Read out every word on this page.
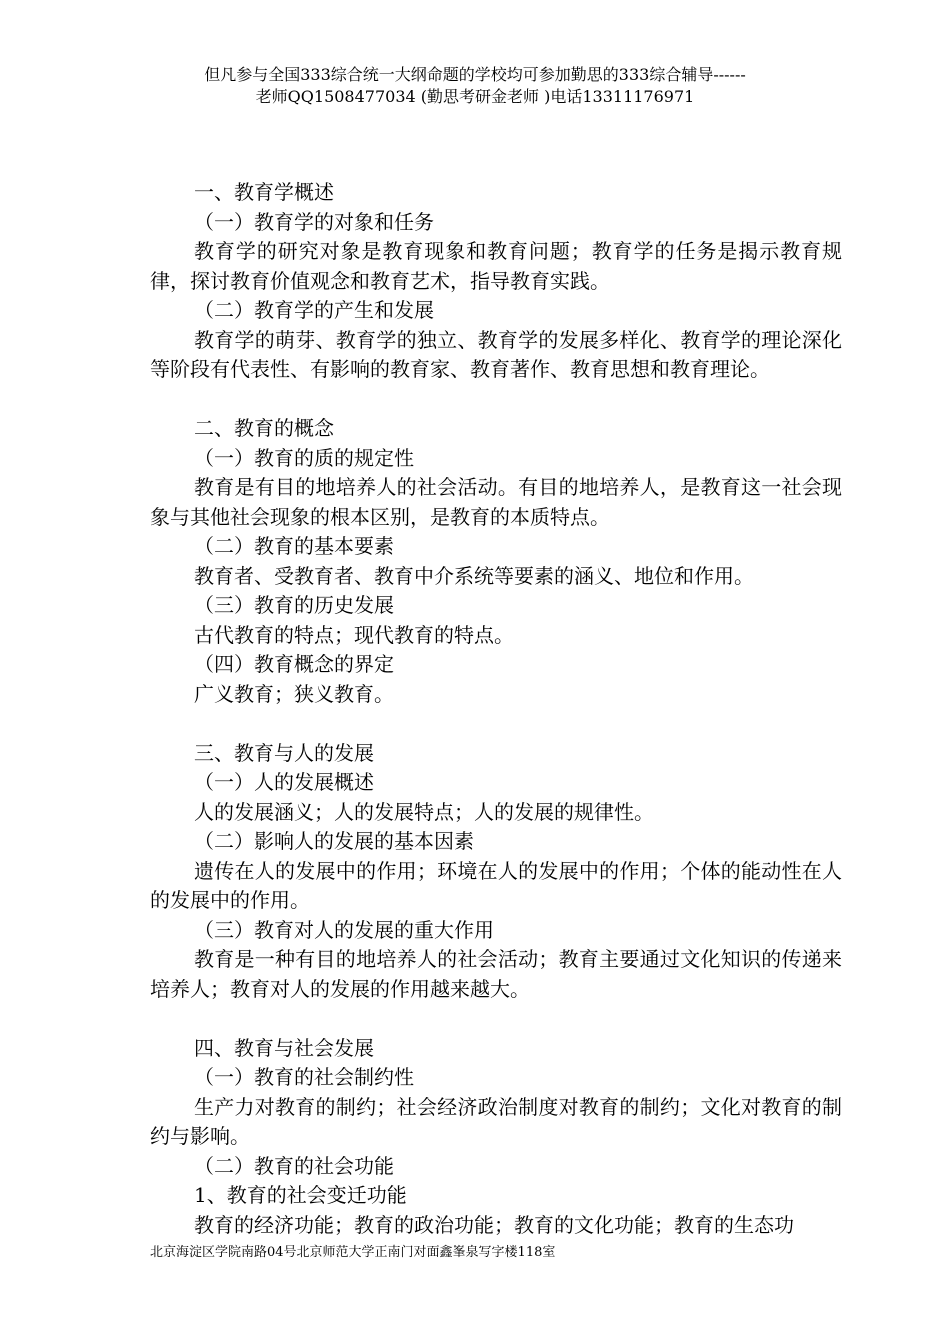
但凡参与全国333综合统一大纲命题的学校均可参加勤思的333综合辅导------
老师QQ1508477034 (勤思考研金老师 )电话13311176971

一、教育学概述

（一）教育学的对象和任务

教育学的研究对象是教育现象和教育问题；教育学的任务是揭示教育规律，探讨教育价值观念和教育艺术，指导教育实践。

（二）教育学的产生和发展

教育学的萌芽、教育学的独立、教育学的发展多样化、教育学的理论深化等阶段有代表性、有影响的教育家、教育著作、教育思想和教育理论。

二、教育的概念

（一）教育的质的规定性

教育是有目的地培养人的社会活动。有目的地培养人，是教育这一社会现象与其他社会现象的根本区别，是教育的本质特点。

（二）教育的基本要素

教育者、受教育者、教育中介系统等要素的涵义、地位和作用。

（三）教育的历史发展

古代教育的特点；现代教育的特点。

（四）教育概念的界定

广义教育；狭义教育。

三、教育与人的发展

（一）人的发展概述

人的发展涵义；人的发展特点；人的发展的规律性。

（二）影响人的发展的基本因素

遗传在人的发展中的作用；环境在人的发展中的作用；个体的能动性在人的发展中的作用。

（三）教育对人的发展的重大作用

教育是一种有目的地培养人的社会活动；教育主要通过文化知识的传递来培养人；教育对人的发展的作用越来越大。

四、教育与社会发展

（一）教育的社会制约性

生产力对教育的制约；社会经济政治制度对教育的制约；文化对教育的制约与影响。

（二）教育的社会功能

1、教育的社会变迁功能

教育的经济功能；教育的政治功能；教育的文化功能；教育的生态功

北京海淀区学院南路04号北京师范大学正南门对面鑫峯泉写字楼118室
